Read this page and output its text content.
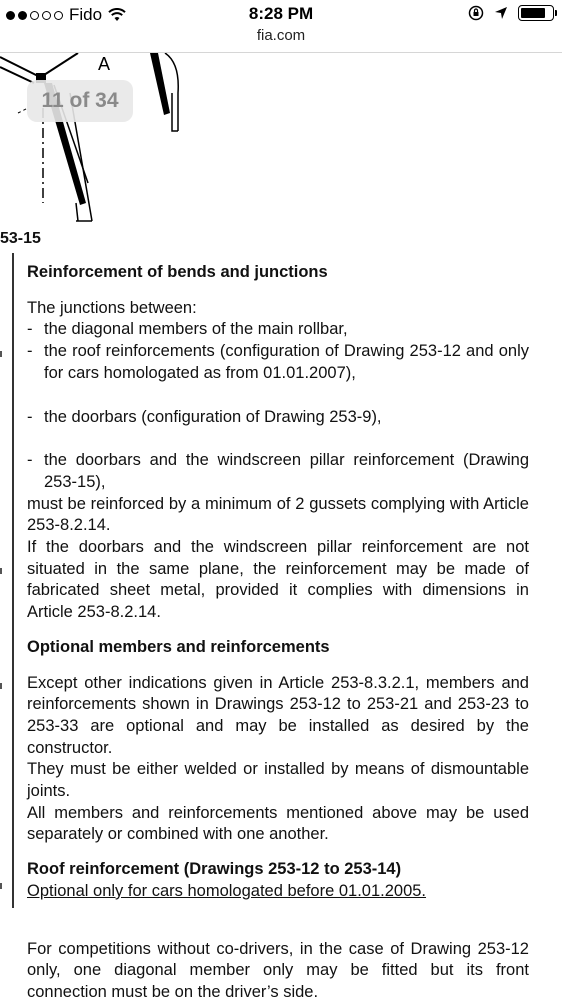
Fido	8:28 PM
fia.com
A
11 of 34
53-15

Reinforcement of bends and junctions

The junctions between:

- the diagonal members of the main rollbar,
- the roof reinforcements (configuration of Drawing 253-12 and only for cars homologated as from 01.01.2007),
- the doorbars (configuration of Drawing 253-9),
- the doorbars and the windscreen pillar reinforcement (Drawing 253-15),

must be reinforced by a minimum of 2 gussets complying with Article 253-8.2.14.

If the doorbars and the windscreen pillar reinforcement are not situated in the same plane, the reinforcement may be made of fabricated sheet metal, provided it complies with dimensions in Article 253-8.2.14.

Optional members and reinforcements

Except other indications given in Article 253-8.3.2.1, members and reinforcements shown in Drawings 253-12 to 253-21 and 253-23 to 253-33 are optional and may be installed as desired by the constructor.

They must be either welded or installed by means of dismountable joints.

All members and reinforcements mentioned above may be used separately or combined with one another.

Roof reinforcement (Drawings 253-12 to 253-14)

Optional only for cars homologated before 01.01.2005.

For competitions without co-drivers, in the case of Drawing 253-12 only, one diagonal member only may be fitted but its front connection must be on the driver’s side.
